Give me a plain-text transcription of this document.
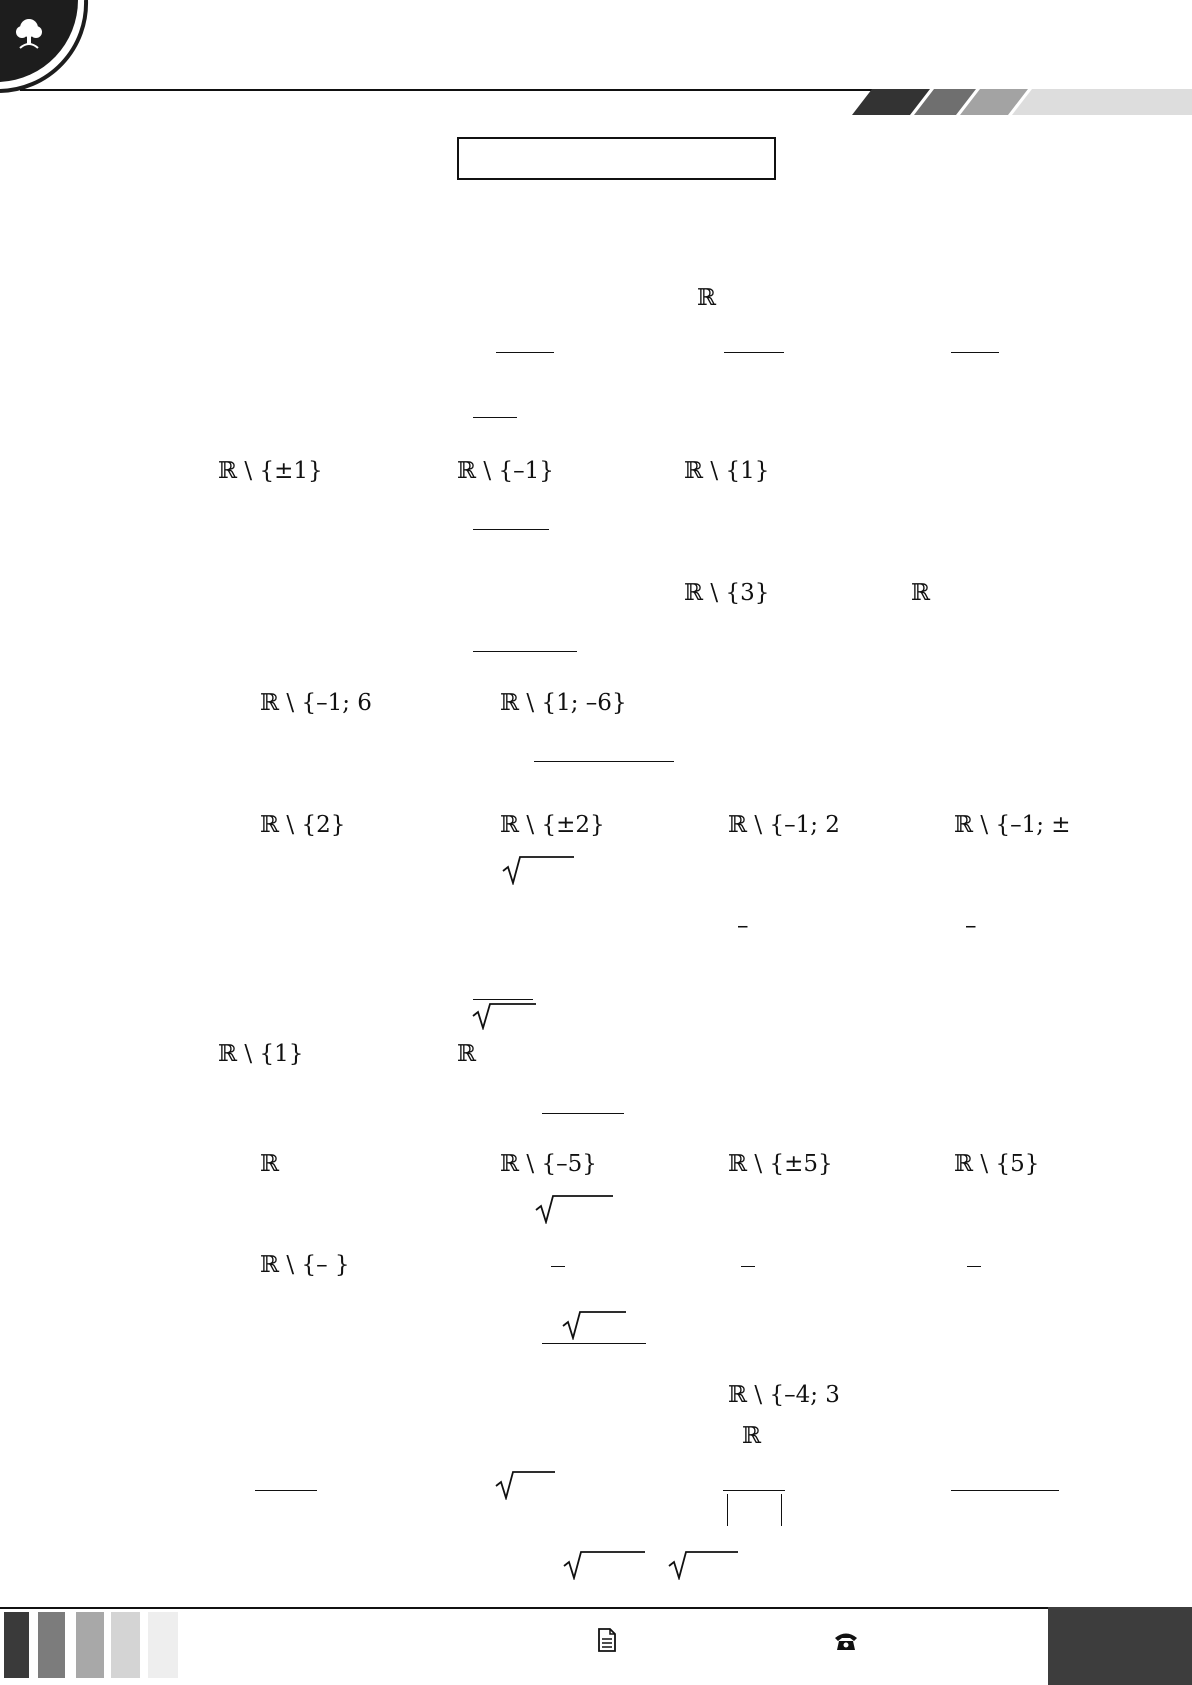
ℝ
ℝ \ {±1}	ℝ \ {–1}	ℝ \ {1}
ℝ \ {3}	ℝ
ℝ \ {–1; 6	ℝ \ {1; –6}
ℝ \ {2}	ℝ \ {±2}	ℝ \ {–1; 2	ℝ \ {–1; ±
–	–
ℝ \ {1}	ℝ
ℝ	ℝ \ {–5}	ℝ \ {±5}	ℝ \ {5}
ℝ \ {– }
ℝ \ {–4; 3
ℝ
